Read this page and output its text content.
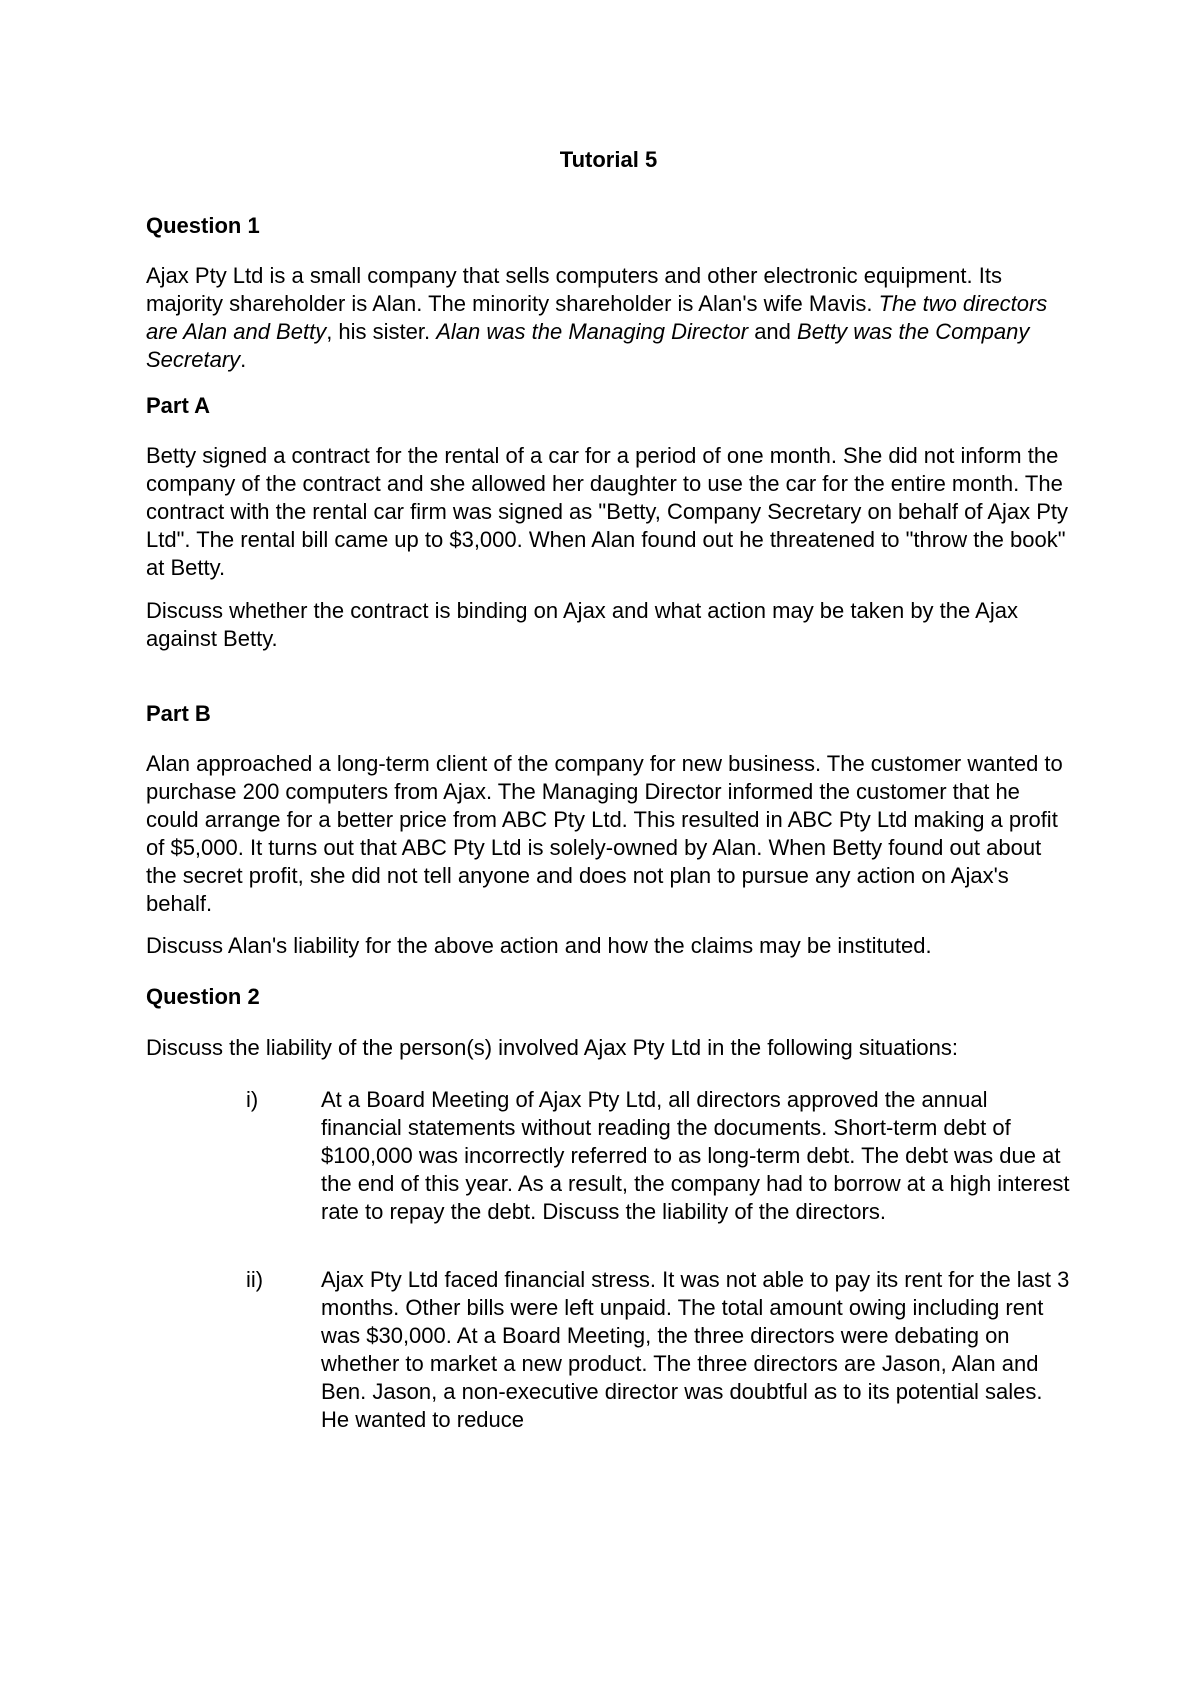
Tutorial 5
Question 1

Ajax Pty Ltd is a small company that sells computers and other electronic equipment. Its majority shareholder is Alan. The minority shareholder is Alan's wife Mavis. The two directors are Alan and Betty, his sister. Alan was the Managing Director and Betty was the Company Secretary.

Part A

Betty signed a contract for the rental of a car for a period of one month. She did not inform the company of the contract and she allowed her daughter to use the car for the entire month. The contract with the rental car firm was signed as "Betty, Company Secretary on behalf of Ajax Pty Ltd". The rental bill came up to $3,000. When Alan found out he threatened to "throw the book" at Betty.

Discuss whether the contract is binding on Ajax and what action may be taken by the Ajax against Betty.

Part B

Alan approached a long-term client of the company for new business. The customer wanted to purchase 200 computers from Ajax. The Managing Director informed the customer that he could arrange for a better price from ABC Pty Ltd. This resulted in ABC Pty Ltd making a profit of $5,000. It turns out that ABC Pty Ltd is solely-owned by Alan. When Betty found out about the secret profit, she did not tell anyone and does not plan to pursue any action on Ajax's behalf.

Discuss Alan's liability for the above action and how the claims may be instituted.

Question 2

Discuss the liability of the person(s) involved Ajax Pty Ltd in the following situations:

i)	At a Board Meeting of Ajax Pty Ltd, all directors approved the annual financial statements without reading the documents. Short-term debt of $100,000 was incorrectly referred to as long-term debt. The debt was due at the end of this year. As a result, the company had to borrow at a high interest rate to repay the debt. Discuss the liability of the directors.

ii)	Ajax Pty Ltd faced financial stress. It was not able to pay its rent for the last 3 months. Other bills were left unpaid. The total amount owing including rent was $30,000. At a Board Meeting, the three directors were debating on whether to market a new product. The three directors are Jason, Alan and Ben. Jason, a non-executive director was doubtful as to its potential sales. He wanted to reduce
